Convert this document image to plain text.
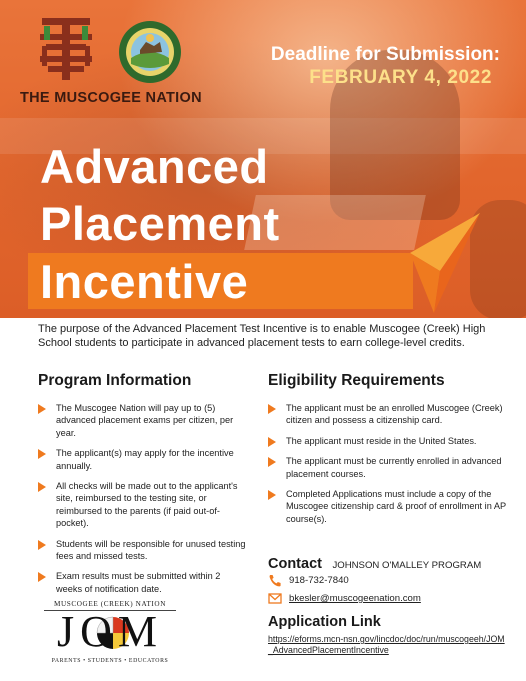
THE MUSCOGEE NATION
Deadline for Submission:
FEBRUARY 4, 2022
Advanced
Placement
Incentive

The purpose of the Advanced Placement Test Incentive is to enable Muscogee (Creek) High School students to participate in advanced placement tests to earn college-level credits.

Program Information
The Muscogee Nation will pay up to (5) advanced placement exams per citizen, per year.
The applicant(s) may apply for the incentive annually.
All checks will be made out to the applicant's site, reimbursed to the testing site, or reimbursed to the parents (if paid out-of-pocket).
Students will be responsible for unused testing fees and missed tests.
Exam results must be submitted within 2 weeks of notification date.
Eligibility Requirements
The applicant must be an enrolled Muscogee (Creek) citizen and possess a citizenship card.
The applicant must reside in the United States.
The applicant must be currently enrolled in advanced placement courses.
Completed Applications must include a copy of the Muscogee citizenship card & proof of enrollment in AP course(s).
Contact JOHNSON O'MALLEY PROGRAM
918-732-7840
bkesler@muscogeenation.com
Application Link
https://eforms.mcn-nsn.gov/lincdoc/doc/run/muscogeeh/JOM_AdvancedPlacementIncentive
MUSCOGEE (CREEK) NATION
JOM
PARENTS • STUDENTS • EDUCATORS
